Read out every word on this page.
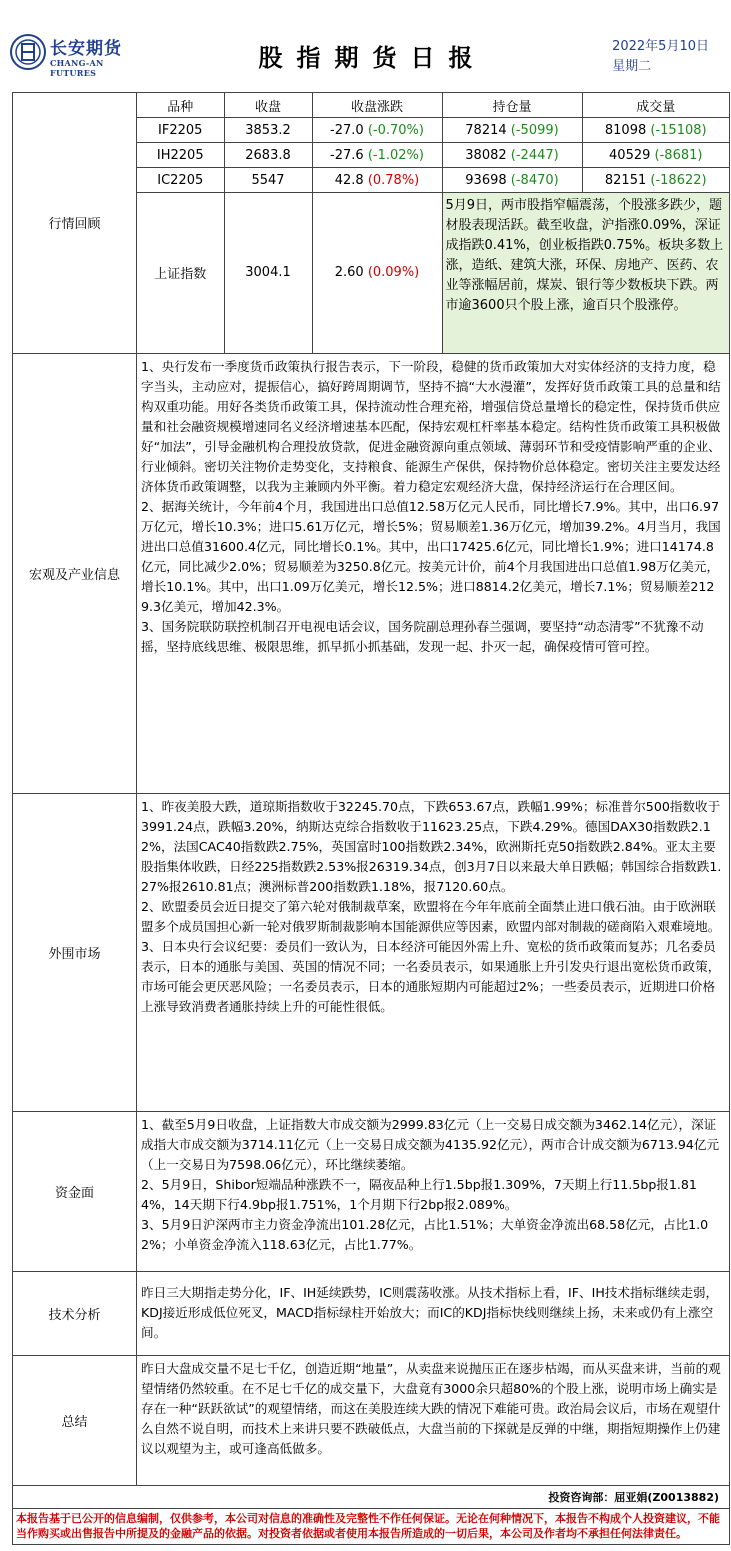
长安期货
CHANG-AN FUTURES
股指期货日报	2022年5月10日
星期二
行情回顾	
品种	收盘	收盘涨跌	持仓量	成交量
IF2205	3853.2	-27.0 (-0.70%)	78214 (-5099)	81098 (-15108)
IH2205	2683.8	-27.6 (-1.02%)	38082 (-2447)	40529 (-8681)
IC2205	5547	42.8 (0.78%)	93698 (-8470)	82151 (-18622)
上证指数	3004.1	2.60 (0.09%)	5月9日，两市股指窄幅震荡，个股涨多跌少，题材股表现活跃。截至收盘，沪指涨0.09%，深证成指跌0.41%，创业板指跌0.75%。板块多数上涨，造纸、建筑大涨，环保、房地产、医药、农业等涨幅居前，煤炭、银行等少数板块下跌。两市逾3600只个股上涨，逾百只个股涨停。

宏观及产业信息	1、央行发布一季度货币政策执行报告表示，下一阶段，稳健的货币政策加大对实体经济的支持力度，稳字当头，主动应对，提振信心，搞好跨周期调节，坚持不搞“大水漫灌”，发挥好货币政策工具的总量和结构双重功能。用好各类货币政策工具，保持流动性合理充裕，增强信贷总量增长的稳定性，保持货币供应量和社会融资规模增速同名义经济增速基本匹配，保持宏观杠杆率基本稳定。结构性货币政策工具积极做好“加法”，引导金融机构合理投放贷款，促进金融资源向重点领域、薄弱环节和受疫情影响严重的企业、行业倾斜。密切关注物价走势变化，支持粮食、能源生产保供，保持物价总体稳定。密切关注主要发达经济体货币政策调整，以我为主兼顾内外平衡。着力稳定宏观经济大盘，保持经济运行在合理区间。
2、据海关统计，今年前4个月，我国进出口总值12.58万亿元人民币，同比增长7.9%。其中，出口6.97万亿元，增长10.3%；进口5.61万亿元，增长5%；贸易顺差1.36万亿元，增加39.2%。4月当月，我国进出口总值31600.4亿元，同比增长0.1%。其中，出口17425.6亿元，同比增长1.9%；进口14174.8亿元，同比减少2.0%；贸易顺差为3250.8亿元。按美元计价，前4个月我国进出口总值1.98万亿美元，增长10.1%。其中，出口1.09万亿美元，增长12.5%；进口8814.2亿美元，增长7.1%；贸易顺差2129.3亿美元，增加42.3%。
3、国务院联防联控机制召开电视电话会议，国务院副总理孙春兰强调，要坚持“动态清零”不犹豫不动摇，坚持底线思维、极限思维，抓早抓小抓基础，发现一起、扑灭一起，确保疫情可管可控。
外围市场	1、昨夜美股大跌，道琼斯指数收于32245.70点，下跌653.67点，跌幅1.99%；标准普尔500指数收于3991.24点，跌幅3.20%，纳斯达克综合指数收于11623.25点，下跌4.29%。德国DAX30指数跌2.12%，法国CAC40指数跌2.75%，英国富时100指数跌2.34%，欧洲斯托克50指数跌2.84%。亚太主要股指集体收跌，日经225指数跌2.53%报26319.34点，创3月7日以来最大单日跌幅；韩国综合指数跌1.27%报2610.81点；澳洲标普200指数跌1.18%，报7120.60点。
2、欧盟委员会近日提交了第六轮对俄制裁草案，欧盟将在今年年底前全面禁止进口俄石油。由于欧洲联盟多个成员国担心新一轮对俄罗斯制裁影响本国能源供应等因素，欧盟内部对制裁的磋商陷入艰难境地。
3、日本央行会议纪要：委员们一致认为，日本经济可能因外需上升、宽松的货币政策而复苏；几名委员表示，日本的通胀与美国、英国的情况不同；一名委员表示，如果通胀上升引发央行退出宽松货币政策，市场可能会更厌恶风险；一名委员表示，日本的通胀短期内可能超过2%；一些委员表示，近期进口价格上涨导致消费者通胀持续上升的可能性很低。
资金面	1、截至5月9日收盘，上证指数大市成交额为2999.83亿元（上一交易日成交额为3462.14亿元），深证成指大市成交额为3714.11亿元（上一交易日成交额为4135.92亿元），两市合计成交额为6713.94亿元（上一交易日为7598.06亿元），环比继续萎缩。
2、5月9日，Shibor短端品种涨跌不一，隔夜品种上行1.5bp报1.309%，7天期上行11.5bp报1.814%，14天期下行4.9bp报1.751%，1个月期下行2bp报2.089%。
3、5月9日沪深两市主力资金净流出101.28亿元，占比1.51%；大单资金净流出68.58亿元，占比1.02%；小单资金净流入118.63亿元，占比1.77%。
技术分析	昨日三大期指走势分化，IF、IH延续跌势，IC则震荡收涨。从技术指标上看，IF、IH技术指标继续走弱，KDJ接近形成低位死叉，MACD指标绿柱开始放大；而IC的KDJ指标快线则继续上扬，未来或仍有上涨空间。
总结	昨日大盘成交量不足七千亿，创造近期“地量”，从卖盘来说抛压正在逐步枯竭，而从买盘来讲，当前的观望情绪仍然较重。在不足七千亿的成交量下，大盘竟有3000余只超80%的个股上涨，说明市场上确实是存在一种“跃跃欲试”的观望情绪，而这在美股连续大跌的情况下难能可贵。政治局会议后，市场在观望什么自然不说自明，而技术上来讲只要不跌破低点，大盘当前的下探就是反弹的中继，期指短期操作上仍建议以观望为主，或可逢高低做多。
投资咨询部：屈亚娟(Z0013882)
本报告基于已公开的信息编制，仅供参考，本公司对信息的准确性及完整性不作任何保证。无论在何种情况下，本报告不构成个人投资建议，不能当作购买或出售报告中所提及的金融产品的依据。对投资者依据或者使用本报告所造成的一切后果，本公司及作者均不承担任何法律责任。
